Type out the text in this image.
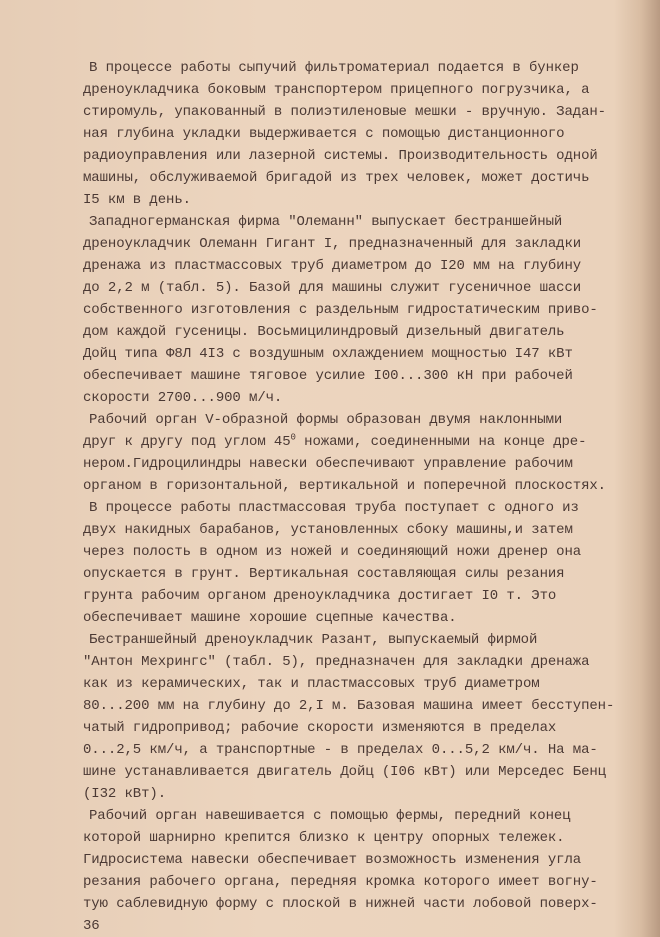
В процессе работы сыпучий фильтроматериал подается в бункер
дреноукладчика боковым транспортером прицепного погрузчика, а
стиромуль, упакованный в полиэтиленовые мешки - вручную. Задан-
ная глубина укладки выдерживается с помощью дистанционного
радиоуправления или лазерной системы. Производительность одной
машины, обслуживаемой бригадой из трех человек, может достичь
I5 км в день.
Западногерманская фирма "Олеманн" выпускает бестраншейный
дреноукладчик Олеманн Гигант I, предназначенный для закладки
дренажа из пластмассовых труб диаметром до I20 мм на глубину
до 2,2 м (табл. 5). Базой для машины служит гусеничное шасси
собственного изготовления с раздельным гидростатическим приво-
дом каждой гусеницы. Восьмицилиндровый дизельный двигатель
Дойц типа Ф8Л 4I3 с воздушным охлаждением мощностью I47 кВт
обеспечивает машине тяговое усилие I00...300 кН при рабочей
скорости 2700...900 м/ч.
Рабочий орган V-образной формы образован двумя наклонными
друг к другу под углом $45^0$ ножами, соединенными на конце дре-
нером.Гидроцилиндры навески обеспечивают управление рабочим
органом в горизонтальной, вертикальной и поперечной плоскостях.
В процессе работы пластмассовая труба поступает с одного из
двух накидных барабанов, установленных сбоку машины,и затем
через полость в одном из ножей и соединяющий ножи дренер она
опускается в грунт. Вертикальная составляющая силы резания
грунта рабочим органом дреноукладчика достигает I0 т. Это
обеспечивает машине хорошие сцепные качества.
Бестраншейный дреноукладчик Разант, выпускаемый фирмой
"Антон Мехрингс" (табл. 5), предназначен для закладки дренажа
как из керамических, так и пластмассовых труб диаметром
80...200 мм на глубину до 2,I м. Базовая машина имеет бесступен-
чатый гидропривод; рабочие скорости изменяются в пределах
0...2,5 км/ч, а транспортные - в пределах 0...5,2 км/ч. На ма-
шине устанавливается двигатель Дойц (I06 кВт) или Мерседес Бенц
(I32 кВт).
Рабочий орган навешивается с помощью фермы, передний конец
которой шарнирно крепится близко к центру опорных тележек.
Гидросистема навески обеспечивает возможность изменения угла
резания рабочего органа, передняя кромка которого имеет вогну-
тую саблевидную форму с плоской в нижней части лобовой поверх-
36
